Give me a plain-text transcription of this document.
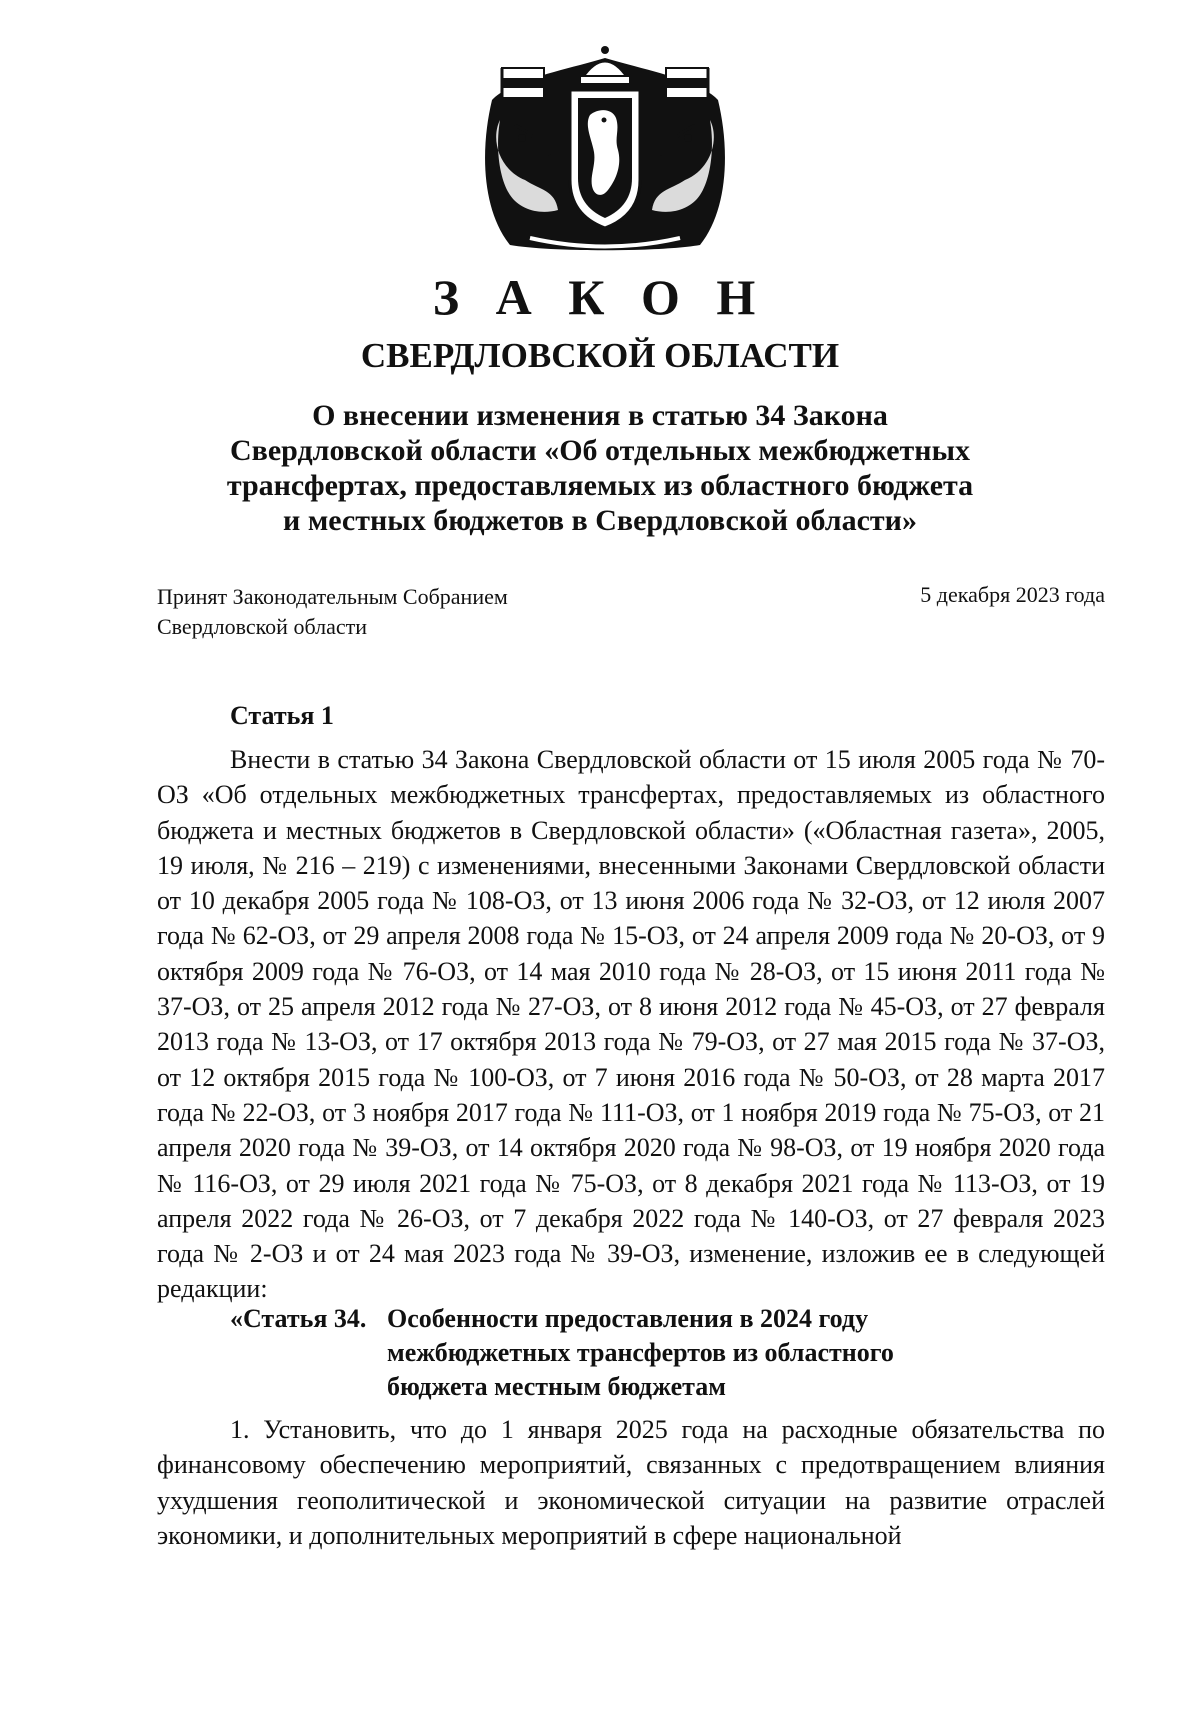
З А К О Н
СВЕРДЛОВСКОЙ ОБЛАСТИ
О внесении изменения в статью 34 Закона
Свердловской области «Об отдельных межбюджетных
трансфертах, предоставляемых из областного бюджета
и местных бюджетов в Свердловской области»
Принят Законодательным Собранием
Свердловской области
5 декабря 2023 года
Статья 1

Внести в статью 34 Закона Свердловской области от 15 июля 2005 года № 70-ОЗ «Об отдельных межбюджетных трансфертах, предоставляемых из областного бюджета и местных бюджетов в Свердловской области» («Областная газета», 2005, 19 июля, № 216 – 219) с изменениями, внесенными Законами Свердловской области от 10 декабря 2005 года № 108-ОЗ, от 13 июня 2006 года № 32-ОЗ, от 12 июля 2007 года № 62-ОЗ, от 29 апреля 2008 года № 15-ОЗ, от 24 апреля 2009 года № 20-ОЗ, от 9 октября 2009 года № 76-ОЗ, от 14 мая 2010 года № 28-ОЗ, от 15 июня 2011 года № 37-ОЗ, от 25 апреля 2012 года № 27-ОЗ, от 8 июня 2012 года № 45-ОЗ, от 27 февраля 2013 года № 13-ОЗ, от 17 октября 2013 года № 79-ОЗ, от 27 мая 2015 года № 37-ОЗ, от 12 октября 2015 года № 100-ОЗ, от 7 июня 2016 года № 50-ОЗ, от 28 марта 2017 года № 22-ОЗ, от 3 ноября 2017 года № 111-ОЗ, от 1 ноября 2019 года № 75-ОЗ, от 21 апреля 2020 года № 39-ОЗ, от 14 октября 2020 года № 98-ОЗ, от 19 ноября 2020 года № 116-ОЗ, от 29 июля 2021 года № 75-ОЗ, от 8 декабря 2021 года № 113-ОЗ, от 19 апреля 2022 года № 26-ОЗ, от 7 декабря 2022 года № 140-ОЗ, от 27 февраля 2023 года № 2-ОЗ и от 24 мая 2023 года № 39-ОЗ, изменение, изложив ее в следующей редакции:

«Статья 34. Особенности предоставления в 2024 году
межбюджетных трансфертов из областного
бюджета местным бюджетам

1. Установить, что до 1 января 2025 года на расходные обязательства по финансовому обеспечению мероприятий, связанных с предотвращением влияния ухудшения геополитической и экономической ситуации на развитие отраслей экономики, и дополнительных мероприятий в сфере национальной
